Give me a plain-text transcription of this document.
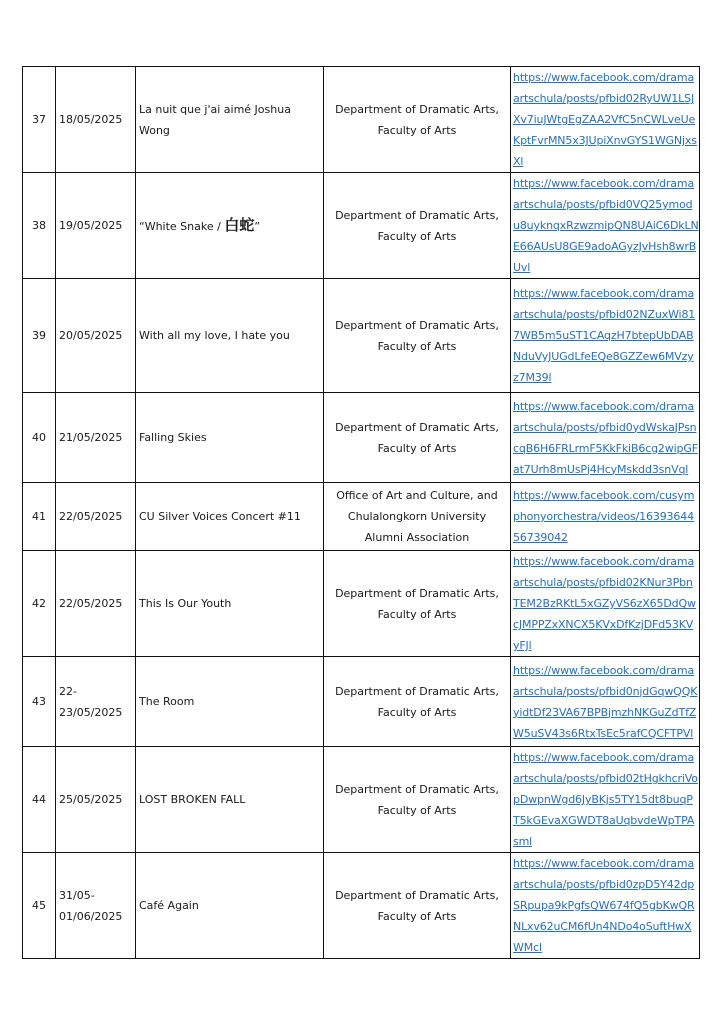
37	18/05/2025	La nuit que j'ai aimé Joshua Wong	Department of Dramatic Arts, Faculty of Arts	https://www.facebook.com/dramaartschula/posts/pfbid02RyUW1LSJXv7iuJWtgEgZAA2VfC5nCWLveUeKptFvrMN5x3JUpiXnvGYS1WGNjxsXl
38	19/05/2025	“White Snake / 白蛇”	Department of Dramatic Arts, Faculty of Arts	https://www.facebook.com/dramaartschula/posts/pfbid0VQ25ymodu8uyknqxRzwzmipQN8UAiC6DkLNE66AUsU8GE9adoAGyzJvHsh8wrBUvl
39	20/05/2025	With all my love, I hate you	Department of Dramatic Arts, Faculty of Arts	https://www.facebook.com/dramaartschula/posts/pfbid02NZuxWi817WB5m5uST1CAqzH7btepUbDABNduVyJUGdLfeEQe8GZZew6MVzyz7M39l
40	21/05/2025	Falling Skies	Department of Dramatic Arts, Faculty of Arts	https://www.facebook.com/dramaartschula/posts/pfbid0ydWskaJPsncqB6H6FRLrmF5KkFkiB6cg2wipGFat7Urh8mUsPj4HcyMskdd3snVql
41	22/05/2025	CU Silver Voices Concert #11	Office of Art and Culture, and Chulalongkorn University Alumni Association	https://www.facebook.com/cusymphonyorchestra/videos/1639364456739042
42	22/05/2025	This Is Our Youth	Department of Dramatic Arts, Faculty of Arts	https://www.facebook.com/dramaartschula/posts/pfbid02KNur3PbnTEM2BzRKtL5xGZyVS6zX65DdQwcJMPPZxXNCX5KVxDfKzjDFd53KVyFJl
43	22-23/05/2025	The Room	Department of Dramatic Arts, Faculty of Arts	https://www.facebook.com/dramaartschula/posts/pfbid0njdGqwQQKyidtDf23VA67BPBjmzhNKGuZdTfZW5uSV43s6RtxTsEc5rafCQCFTPVl
44	25/05/2025	LOST BROKEN FALL	Department of Dramatic Arts, Faculty of Arts	https://www.facebook.com/dramaartschula/posts/pfbid02tHgkhcriVopDwpnWgd6JyBKjs5TY15dt8buqPT5kGEvaXGWDT8aUqbvdeWpTPAsml
45	31/05-01/06/2025	Café Again	Department of Dramatic Arts, Faculty of Arts	https://www.facebook.com/dramaartschula/posts/pfbid0zpD5Y42dpSRpupa9kPgfsQW674fQ5gbKwQRNLxv62uCM6fUn4NDo4oSuftHwXWMcl
